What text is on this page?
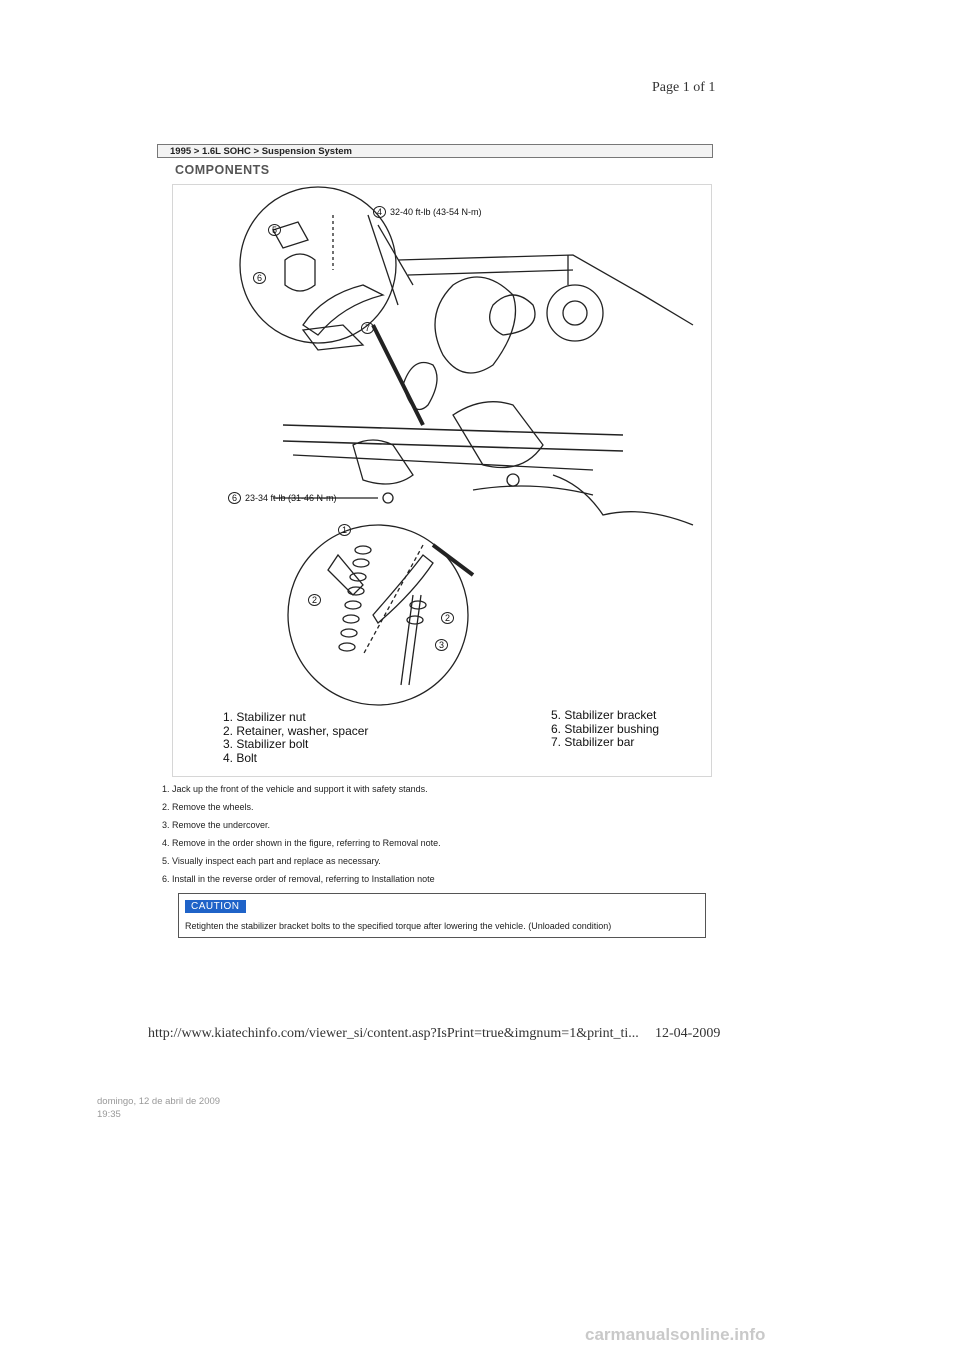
Page 1 of 1
1995 > 1.6L SOHC > Suspension System
COMPONENTS
4 32-40 ft-lb (43-54 N-m)
5
6
7
6 23-34 ft-lb (31-46 N-m)
1
2
2
3
1. Stabilizer nut
2. Retainer, washer, spacer
3. Stabilizer bolt
4. Bolt
5. Stabilizer bracket
6. Stabilizer bushing
7. Stabilizer bar
1. Jack up the front of the vehicle and support it with safety stands.
2. Remove the wheels.
3. Remove the undercover.
4. Remove in the order shown in the figure, referring to Removal note.
5. Visually inspect each part and replace as necessary.
6. Install in the reverse order of removal, referring to Installation note
CAUTION
Retighten the stabilizer bracket bolts to the specified torque after lowering the vehicle. (Unloaded condition)
http://www.kiatechinfo.com/viewer_si/content.asp?IsPrint=true&imgnum=1&print_ti... 12-04-2009
domingo, 12 de abril de 2009
19:35
carmanualsonline.info
